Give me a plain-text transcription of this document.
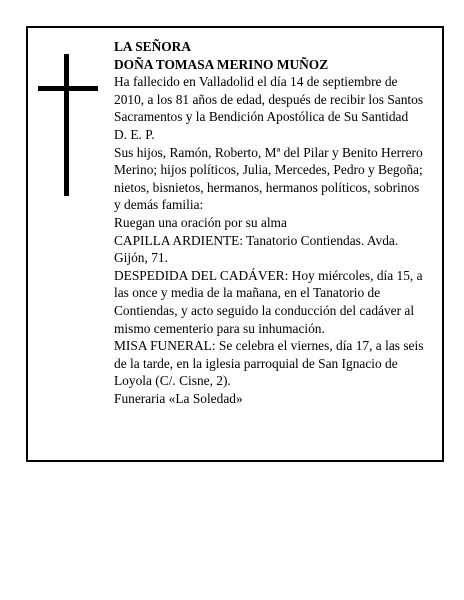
LA SEÑORA

DOÑA TOMASA MERINO MUÑOZ

Ha fallecido en Valladolid el día 14 de septiembre de 2010, a los 81 años de edad, después de recibir los Santos Sacramentos y la Bendición Apostólica de Su Santidad

D. E. P.

Sus hijos, Ramón, Roberto, Mª del Pilar y Benito Herrero Merino; hijos políticos, Julia, Mercedes, Pedro y Begoña; nietos, bisnietos, hermanos, hermanos políticos, sobrinos y demás familia:

Ruegan una oración por su alma

CAPILLA ARDIENTE: Tanatorio Contiendas. Avda. Gijón, 71.

DESPEDIDA DEL CADÁVER: Hoy miércoles, día 15, a las once y media de la mañana, en el Tanatorio de Contiendas, y acto seguido la conducción del cadáver al mismo cementerio para su inhumación.

MISA FUNERAL: Se celebra el viernes, día 17, a las seis de la tarde, en la iglesia parroquial de San Ignacio de Loyola (C/. Cisne, 2).

Funeraria «La Soledad»
